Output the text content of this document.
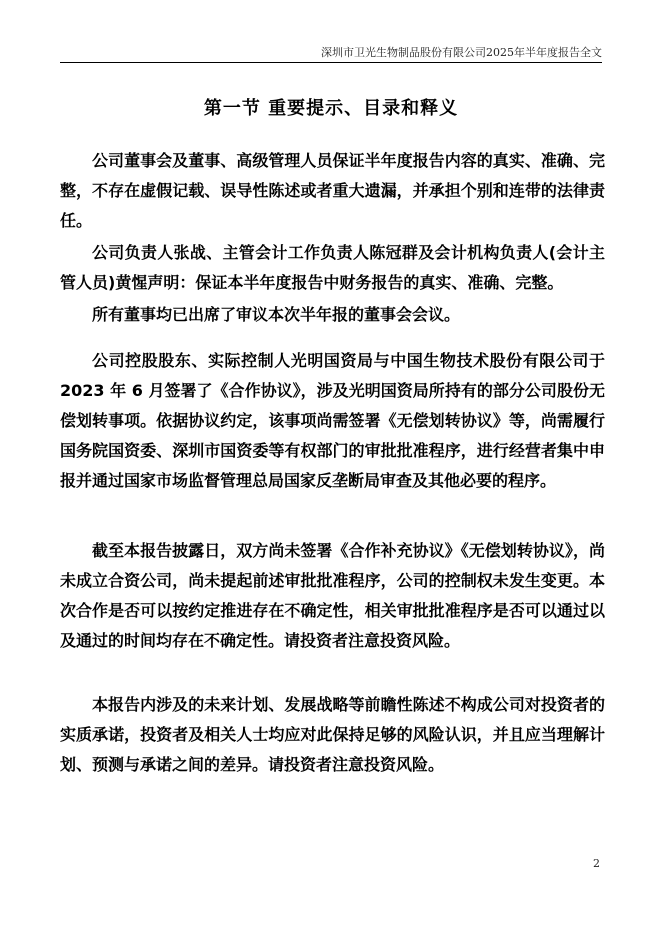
深圳市卫光生物制品股份有限公司2025年半年度报告全文
第一节 重要提示、目录和释义

公司董事会及董事、高级管理人员保证半年度报告内容的真实、准确、完整，不存在虚假记载、误导性陈述或者重大遗漏，并承担个别和连带的法律责任。

公司负责人张战、主管会计工作负责人陈冠群及会计机构负责人(会计主管人员)黄惺声明：保证本半年度报告中财务报告的真实、准确、完整。

所有董事均已出席了审议本次半年报的董事会会议。

公司控股股东、实际控制人光明国资局与中国生物技术股份有限公司于2023 年 6 月签署了《合作协议》，涉及光明国资局所持有的部分公司股份无偿划转事项。依据协议约定，该事项尚需签署《无偿划转协议》等，尚需履行国务院国资委、深圳市国资委等有权部门的审批批准程序，进行经营者集中申报并通过国家市场监督管理总局国家反垄断局审查及其他必要的程序。

截至本报告披露日，双方尚未签署《合作补充协议》《无偿划转协议》，尚未成立合资公司，尚未提起前述审批批准程序，公司的控制权未发生变更。本次合作是否可以按约定推进存在不确定性，相关审批批准程序是否可以通过以及通过的时间均存在不确定性。请投资者注意投资风险。

本报告内涉及的未来计划、发展战略等前瞻性陈述不构成公司对投资者的实质承诺，投资者及相关人士均应对此保持足够的风险认识，并且应当理解计划、预测与承诺之间的差异。请投资者注意投资风险。

2
